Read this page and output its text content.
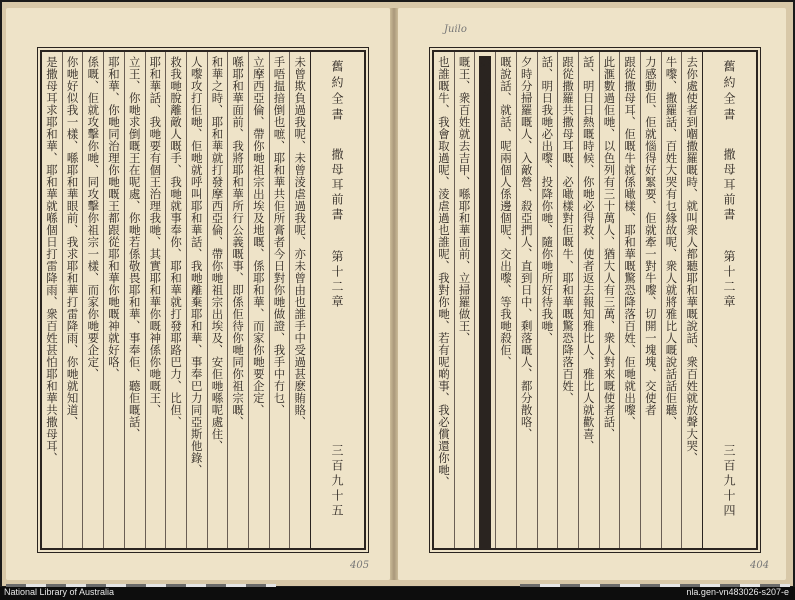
未曾欺負過我呢、未曾淩虐過我呢、亦未曾由也誰手中受過甚麽賄賂、
手唔揾揞倒也嗻、耶和華共佢所膏者今日對你哋做證、我手中冇乜、
立摩西亞倫、帶你哋祖宗出埃及地嘅、係耶和華、而家你哋要企定、
喺耶和華面前、我將耶和華所行公義嘅事、即係佢待你哋同你祖宗嘅、
和華之時、耶和華就打發摩西亞倫、帶你哋祖宗出埃及、安佢哋喺呢處住、
人嚟攻打佢哋、佢哋就呼叫耶和華話、我哋離棄耶和華、事奉巴力同亞斯他錄、
救我哋脫離敵人嘅手、我哋就事奉你、耶和華就打發耶路巴力、比但、
耶和華話、我哋要有個王治理我哋、其實耶和華你嘅神係你哋嘅王、
立王、你哋求倒嘅王在呢處、你哋若係敬畏耶和華、事奉佢、聽佢嘅話、
耶和華、你哋同治理你哋嘅王都跟從耶和華你哋嘅神就好咯、
係嘅、佢就攻擊你哋、同攻擊你祖宗一樣、而家你哋要企定、
你哋好似我一樣、喺耶和華眼前、我求耶和華打雷降雨、你哋就知道、
是撒母耳求耶和華、耶和華就喺個日打雷降雨、衆百姓甚怕耶和華共撒母耳、	舊約全書
撒母耳前書
第十二章
三百九十五
405
Juilo
去你處使者到嗰撒羅嘅時、就叫衆人都聽耶和華嘅說話、衆百姓就放聲大哭、
牛嚟、撒羅話、百姓大哭有乜緣故呢、衆人就將雅比人嘅說話話佢聽、
力感動佢、佢就惱得好緊要、佢就牽一對牛嚟、切開一塊塊、交使者
跟從撒母耳、佢嘅牛就係噉樣、耶和華嘅驚恐降落百姓、佢哋就出嚟、
此滙數過佢哋、以色列有三十萬人、猶大人有三萬、衆人對來嘅使者話、
話、明日日熱嘅時候、你哋必得救、使者返去報知雅比人、雅比人就歡喜、
跟從撒羅共撒母耳嘅、必噉樣對佢嘅牛、耶和華嘅驚恐降落百姓、
話、明日我哋必出嚟、投降你哋、隨你哋所好待我哋、
夕時分掃羅嘅人、入敵營、殺亞捫人、直到日中、剩落嘅人、都分散咯、
嘅說話、就話、呢兩個人係邊個呢、交出嚟、等我哋殺佢、
第十三章
嘅王、衆百姓就去吉甲、喺耶和華面前、立掃羅做王、
也誰嘅牛、我會取過呢、淩虐過也誰呢、我對你哋、若有呢啲事、我必償還你哋、	舊約全書
撒母耳前書
第十二章
三百九十四
404
National Library of Australia	nla.gen-vn483026-s207-e
